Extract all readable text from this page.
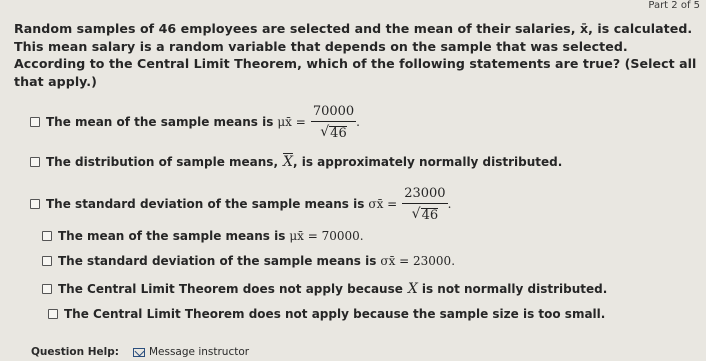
Part 2 of 5
Random samples of 46 employees are selected and the mean of their salaries, x̄, is calculated. This mean salary is a random variable that depends on the sample that was selected. According to the Central Limit Theorem, which of the following statements are true? (Select all that apply.)
The mean of the sample means is μx̄ = $\frac{70000}{√ 46}$ .
The distribution of sample means, $\overline{X}$ , is approximately normally distributed.
The standard deviation of the sample means is σx̄ = $\frac{23000}{√ 46}$ .
The mean of the sample means is μx̄ = 70000.
The standard deviation of the sample means is σx̄ = 23000.
The Central Limit Theorem does not apply because X is not normally distributed.
The Central Limit Theorem does not apply because the sample size is too small.
Question Help:	Message instructor
